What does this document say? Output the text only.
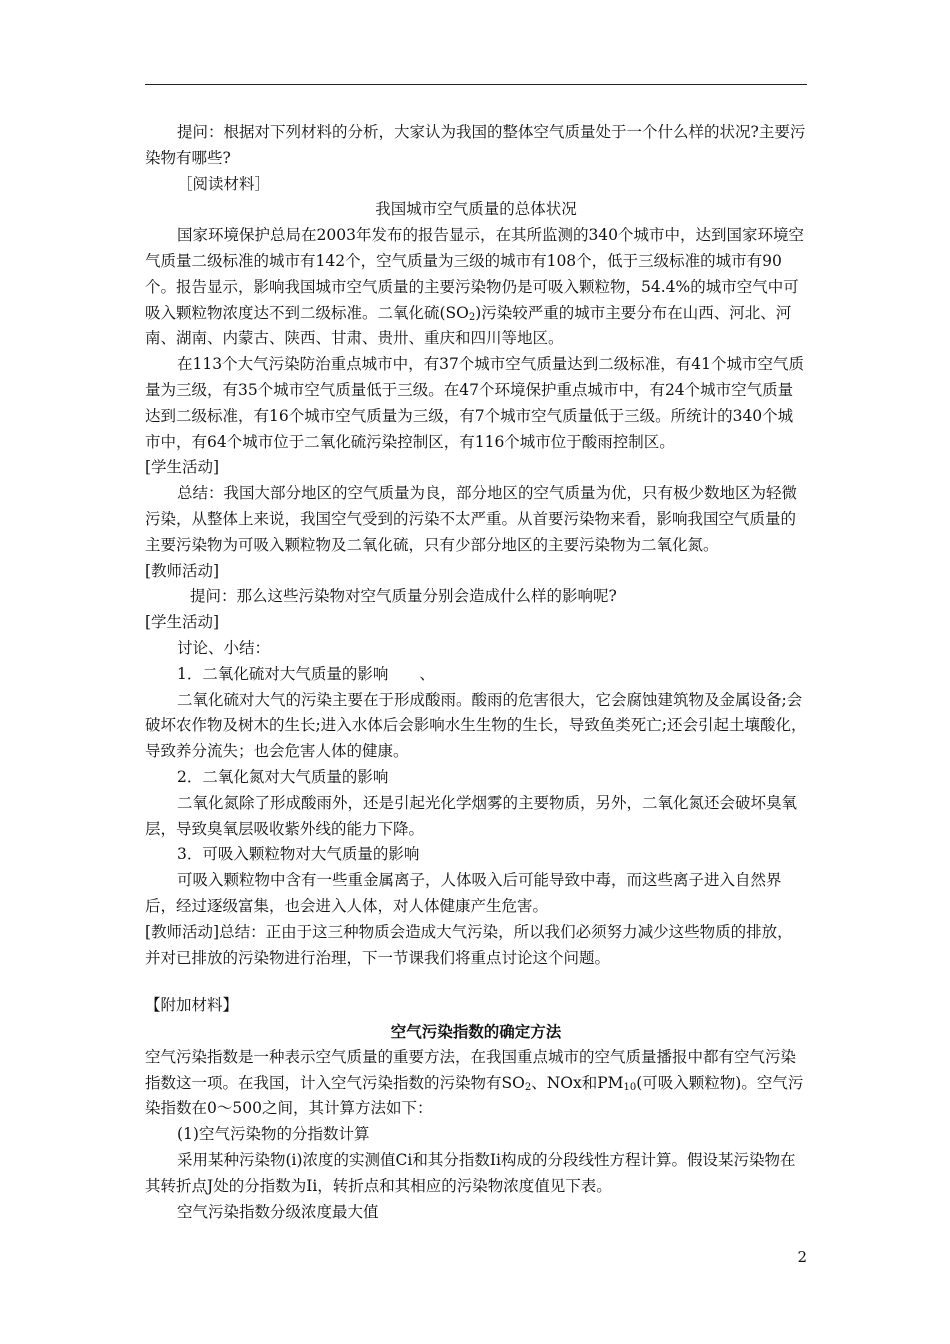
提问：根据对下列材料的分析，大家认为我国的整体空气质量处于一个什么样的状况?主要污染物有哪些?

［阅读材料］

我国城市空气质量的总体状况

国家环境保护总局在2003年发布的报告显示，在其所监测的340个城市中，达到国家环境空气质量二级标准的城市有142个，空气质量为三级的城市有108个，低于三级标准的城市有90个。报告显示，影响我国城市空气质量的主要污染物仍是可吸入颗粒物，54.4%的城市空气中可吸入颗粒物浓度达不到二级标准。二氧化硫$(SO_2)$污染较严重的城市主要分布在山西、河北、河南、湖南、内蒙古、陕西、甘肃、贵卅、重庆和四川等地区。

在113个大气污染防治重点城市中，有37个城市空气质量达到二级标准，有41个城市空气质量为三级，有35个城市空气质量低于三级。在47个环境保护重点城市中，有24个城市空气质量达到二级标准，有16个城市空气质量为三级，有7个城市空气质量低于三级。所统计的340个城市中，有64个城市位于二氧化硫污染控制区，有116个城市位于酸雨控制区。

[学生活动]

总结：我国大部分地区的空气质量为良，部分地区的空气质量为优，只有极少数地区为轻微污染，从整体上来说，我国空气受到的污染不太严重。从首要污染物来看，影响我国空气质量的主要污染物为可吸入颗粒物及二氧化硫，只有少部分地区的主要污染物为二氧化氮。

[教师活动]

提问：那么这些污染物对空气质量分别会造成什么样的影响呢?

[学生活动]

讨论、小结：

1．二氧化硫对大气质量的影响　　、

二氧化硫对大气的污染主要在于形成酸雨。酸雨的危害很大，它会腐蚀建筑物及金属设备;会破坏农作物及树木的生长;进入水体后会影响水生生物的生长，导致鱼类死亡;还会引起土壤酸化，导致养分流失；也会危害人体的健康。

2．二氧化氮对大气质量的影响

二氧化氮除了形成酸雨外，还是引起光化学烟雾的主要物质，另外，二氧化氮还会破坏臭氧层，导致臭氧层吸收紫外线的能力下降。

3．可吸入颗粒物对大气质量的影响

可吸入颗粒物中含有一些重金属离子，人体吸入后可能导致中毒，而这些离子进入自然界后，经过逐级富集，也会进入人体，对人体健康产生危害。

[教师活动]总结：正由于这三种物质会造成大气污染，所以我们必须努力减少这些物质的排放，并对已排放的污染物进行治理，下一节课我们将重点讨论这个问题。

【附加材料】

空气污染指数的确定方法

空气污染指数是一种表示空气质量的重要方法，在我国重点城市的空气质量播报中都有空气污染指数这一项。在我国，计入空气污染指数的污染物有$SO_2$、NOx和$PM_{10}$(可吸入颗粒物)。空气污染指数在0～500之间，其计算方法如下：

(1)空气污染物的分指数计算

采用某种污染物(i)浓度的实测值Ci和其分指数Ii构成的分段线性方程计算。假设某污染物在其转折点J处的分指数为Ii，转折点和其相应的污染物浓度值见下表。

空气污染指数分级浓度最大值

2
